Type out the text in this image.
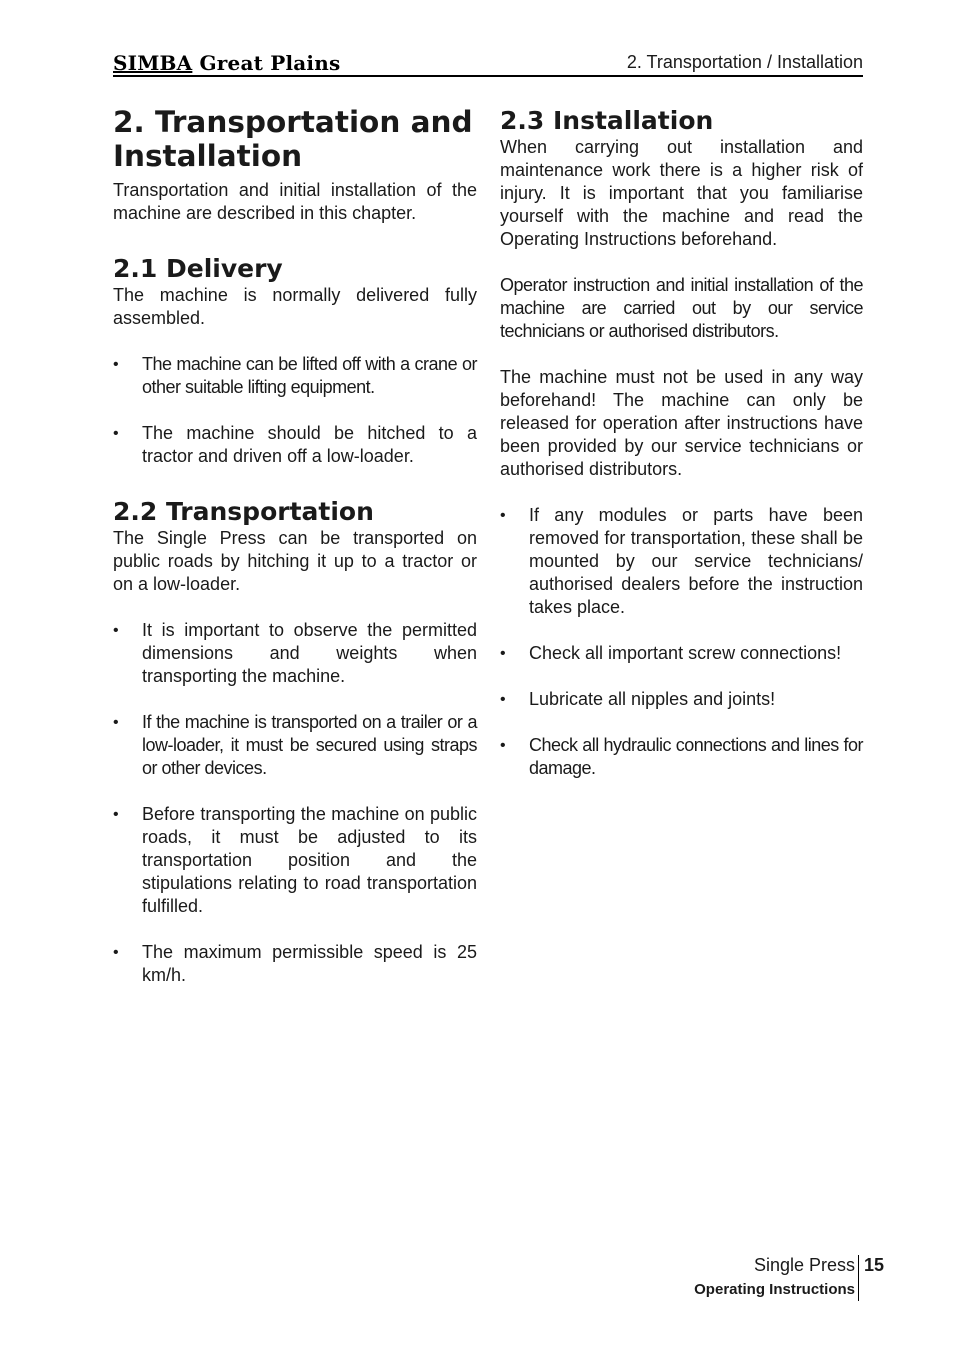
SIMBA Great Plains	2. Transportation / Installation
2. Transportation and Installation

Transportation and initial installation of the machine are described in this chapter.

2.1 Delivery

The machine is normally delivered fully assembled.

• The machine can be lifted off with a crane or other suitable lifting equipment.
• The machine should be hitched to a tractor and driven off a low-loader.
2.2 Transportation

The Single Press can be transported on public roads by hitching it up to a tractor or on a low-loader.

• It is important to observe the permitted dimensions and weights when transporting the machine.
• If the machine is transported on a trailer or a low-loader, it must be secured using straps or other devices.
• Before transporting the machine on public roads, it must be adjusted to its transportation position and the stipulations relating to road transportation fulfilled.
• The maximum permissible speed is 25 km/h.
2.3 Installation

When carrying out installation and maintenance work there is a higher risk of injury. It is important that you familiarise yourself with the machine and read the Operating Instructions beforehand.

Operator instruction and initial installation of the machine are carried out by our service technicians or authorised distributors.

The machine must not be used in any way beforehand! The machine can only be released for operation after instructions have been provided by our service technicians or authorised distributors.

• If any modules or parts have been removed for transportation, these shall be mounted by our service technicians/ authorised dealers before the instruction takes place.
• Check all important screw connections!
• Lubricate all nipples and joints!
• Check all hydraulic connections and lines for damage.
Single Press
Operating Instructions
15
